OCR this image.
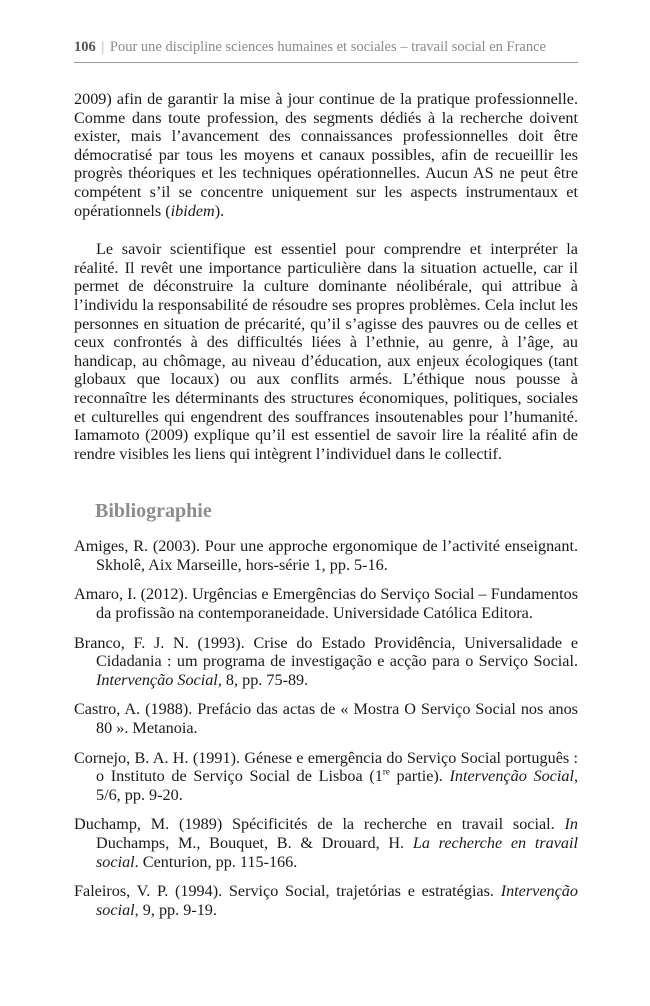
106 | Pour une discipline sciences humaines et sociales – travail social en France

2009) afin de garantir la mise à jour continue de la pratique professionnelle. Comme dans toute profession, des segments dédiés à la recherche doivent exister, mais l’avancement des connaissances professionnelles doit être démocratisé par tous les moyens et canaux possibles, afin de recueillir les progrès théoriques et les techniques opérationnelles. Aucun AS ne peut être compétent s’il se concentre uniquement sur les aspects instrumentaux et opérationnels (ibidem).

Le savoir scientifique est essentiel pour comprendre et interpréter la réalité. Il revêt une importance particulière dans la situation actuelle, car il permet de déconstruire la culture dominante néolibérale, qui attribue à l’individu la responsabilité de résoudre ses propres problèmes. Cela inclut les personnes en situation de précarité, qu’il s’agisse des pauvres ou de celles et ceux confrontés à des difficultés liées à l’ethnie, au genre, à l’âge, au handicap, au chômage, au niveau d’éducation, aux enjeux écologiques (tant globaux que locaux) ou aux conflits armés. L’éthique nous pousse à reconnaître les déterminants des structures économiques, politiques, sociales et culturelles qui engendrent des souffrances insoutenables pour l’humanité. Iamamoto (2009) explique qu’il est essentiel de savoir lire la réalité afin de rendre visibles les liens qui intègrent l’individuel dans le collectif.

Bibliographie
Amiges, R. (2003). Pour une approche ergonomique de l’activité enseignant. Skholê, Aix Marseille, hors-série 1, pp. 5-16.
Amaro, I. (2012). Urgências e Emergências do Serviço Social – Fundamentos da profissão na contemporaneidade. Universidade Católica Editora.
Branco, F. J. N. (1993). Crise do Estado Providência, Universalidade e Cidadania : um programa de investigação e acção para o Serviço Social. Intervenção Social, 8, pp. 75-89.
Castro, A. (1988). Prefácio das actas de « Mostra O Serviço Social nos anos 80 ». Metanoia.
Cornejo, B. A. H. (1991). Génese e emergência do Serviço Social português : o Instituto de Serviço Social de Lisboa (1re partie). Intervenção Social, 5/6, pp. 9-20.
Duchamp, M. (1989) Spécificités de la recherche en travail social. In Duchamps, M., Bouquet, B. & Drouard, H. La recherche en travail social. Centurion, pp. 115-166.
Faleiros, V. P. (1994). Serviço Social, trajetórias e estratégias. Intervenção social, 9, pp. 9-19.
